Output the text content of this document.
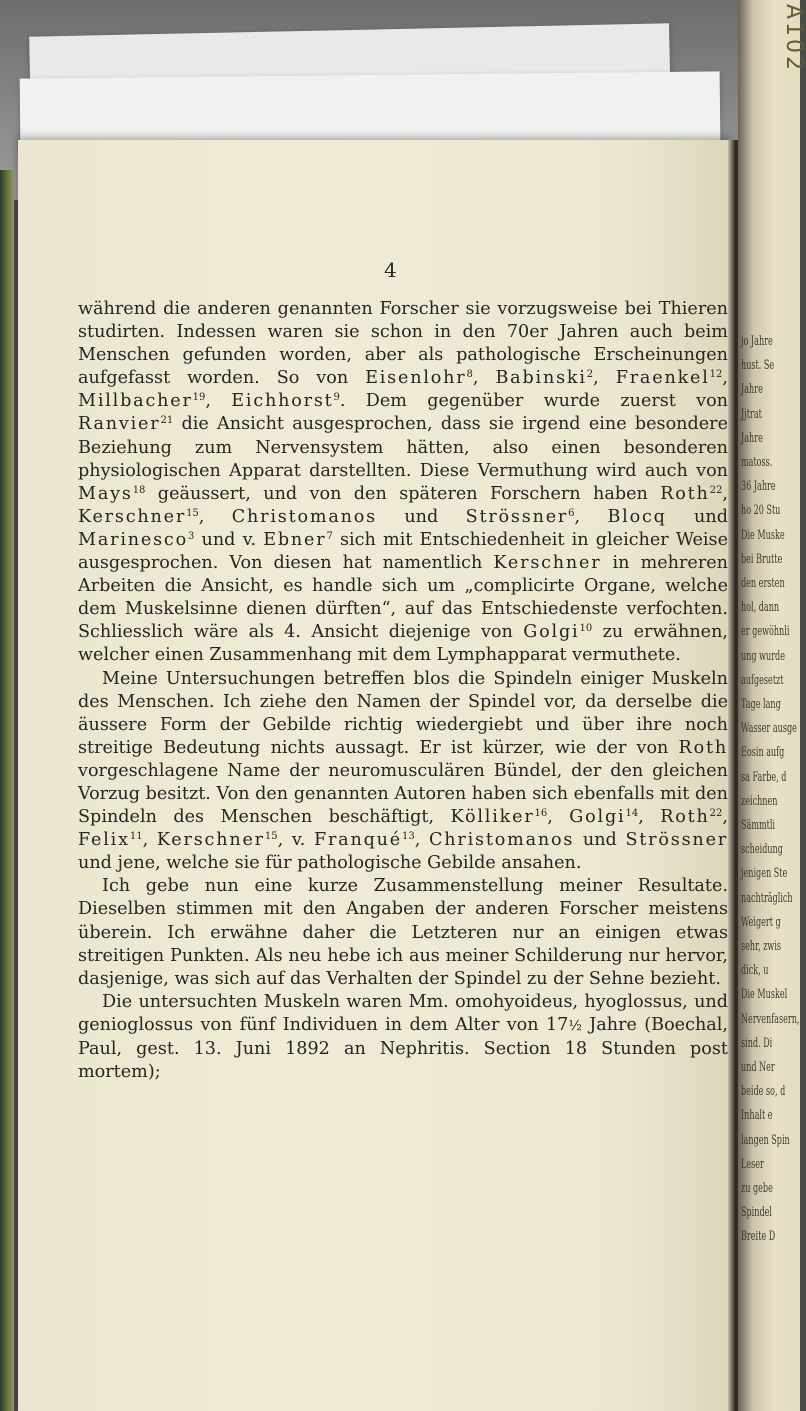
jo Jahre
hust. Se
Jahre
Jjtrat
Jahre
matoss.
36 Jahre
ho 20 Stu
Die Muske
bei Brutte
den ersten
hol, dann
er gewöhnli
ung wurde
aufgesetzt
Tage lang
Wasser ausge
Eosin aufg
sa Farbe, d
zeichnen
Sämmtli
scheidung
jenigen Ste
nachträglich
Weigert g
sehr, zwis
dick, u
Die Muskel
Nervenfasern,
sind. Di
und Ner
beide so, d
Inhalt e
langen Spin
Leser
zu gebe
Spindel
Breite D
A102
4

während die anderen genannten Forscher sie vorzugsweise bei Thieren studirten. Indessen waren sie schon in den 70er Jahren auch beim Menschen gefunden worden, aber als pathologische Erscheinungen aufgefasst worden. So von Eisenlohr$^8$, Babinski$^2$, Fraenkel$^{12}$, Millbacher$^{19}$, Eichhorst$^9$. Dem gegenüber wurde zuerst von Ranvier$^{21}$ die Ansicht ausgesprochen, dass sie irgend eine besondere Beziehung zum Nervensystem hätten, also einen besonderen physiologischen Apparat darstellten. Diese Vermuthung wird auch von Mays$^{18}$ geäussert, und von den späteren Forschern haben Roth$^{22}$, Kerschner$^{15}$, Christomanos und Strössner$^6$, Blocq und Marinesco$^3$ und v. Ebner$^7$ sich mit Entschiedenheit in gleicher Weise ausgesprochen. Von diesen hat namentlich Kerschner in mehreren Arbeiten die Ansicht, es handle sich um „complicirte Organe, welche dem Muskelsinne dienen dürften“, auf das Entschiedenste verfochten. Schliesslich wäre als 4. Ansicht diejenige von Golgi$^{10}$ zu erwähnen, welcher einen Zusammenhang mit dem Lymphapparat vermuthete.

Meine Untersuchungen betreffen blos die Spindeln einiger Muskeln des Menschen. Ich ziehe den Namen der Spindel vor, da derselbe die äussere Form der Gebilde richtig wiedergiebt und über ihre noch streitige Bedeutung nichts aussagt. Er ist kürzer, wie der von Roth vorgeschlagene Name der neuromusculären Bündel, der den gleichen Vorzug besitzt. Von den genannten Autoren haben sich ebenfalls mit den Spindeln des Menschen beschäftigt, Kölliker$^{16}$, Golgi$^{14}$, Roth$^{22}$, Felix$^{11}$, Kerschner$^{15}$, v. Franqué$^{13}$, Christomanos und Strössner und jene, welche sie für pathologische Gebilde ansahen.

Ich gebe nun eine kurze Zusammenstellung meiner Resultate. Dieselben stimmen mit den Angaben der anderen Forscher meistens überein. Ich erwähne daher die Letzteren nur an einigen etwas streitigen Punkten. Als neu hebe ich aus meiner Schilderung nur hervor, dasjenige, was sich auf das Verhalten der Spindel zu der Sehne bezieht.

Die untersuchten Muskeln waren Mm. omohyoideus, hyoglossus, und genioglossus von fünf Individuen in dem Alter von 17½ Jahre (Boechal, Paul, gest. 13. Juni 1892 an Nephritis. Section 18 Stunden post mortem);
